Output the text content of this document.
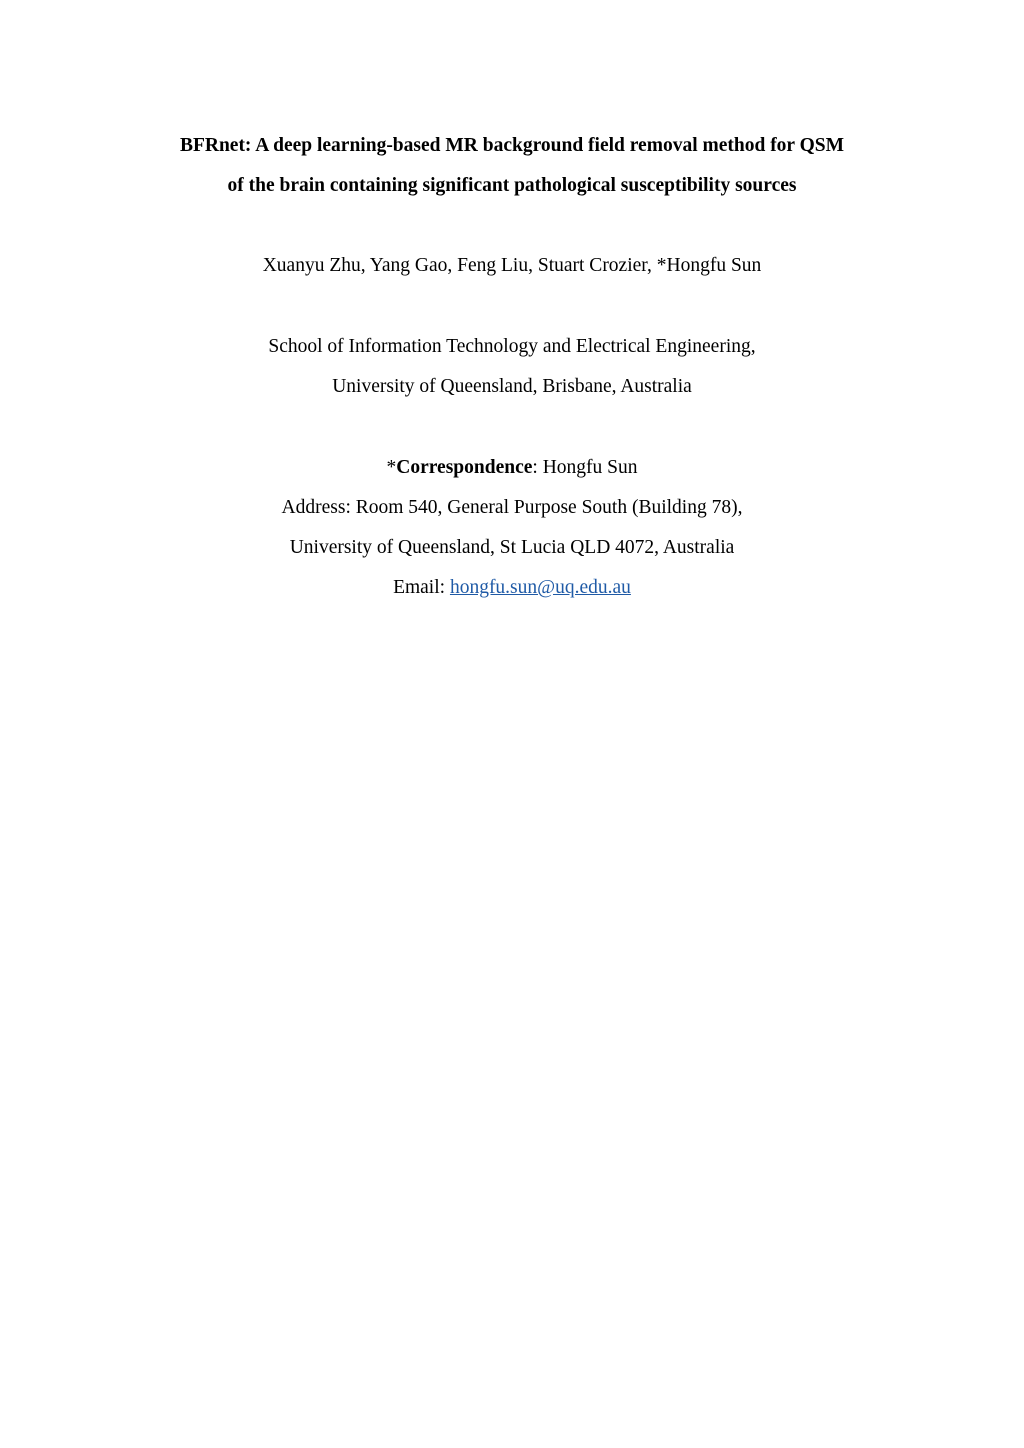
BFRnet: A deep learning-based MR background field removal method for QSM
of the brain containing significant pathological susceptibility sources
Xuanyu Zhu, Yang Gao, Feng Liu, Stuart Crozier, *Hongfu Sun
School of Information Technology and Electrical Engineering,
University of Queensland, Brisbane, Australia
*Correspondence: Hongfu Sun
Address: Room 540, General Purpose South (Building 78),
University of Queensland, St Lucia QLD 4072, Australia
Email: hongfu.sun@uq.edu.au
